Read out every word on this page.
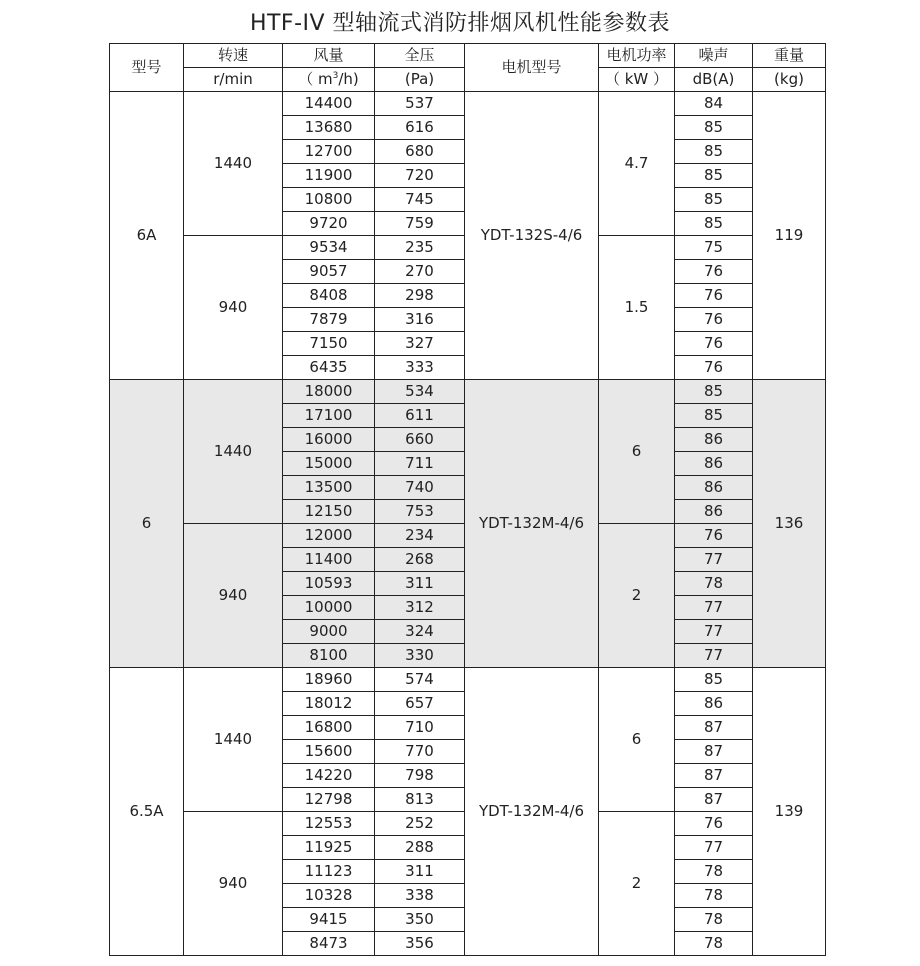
HTF-IV 型轴流式消防排烟风机性能参数表
型号	转速	风量	全压	电机型号	电机功率	噪声	重量
	r/min	（ $m^3/h$)	(Pa)		（ kW ）	dB(A)	(kg)
6A	1440	14400	537	YDT-132S-4/6	4.7	84	119
		13680	616			85	
		12700	680			85	
		11900	720			85	
		10800	745			85	
		9720	759			85	
	940	9534	235		1.5	75	
		9057	270			76	
		8408	298			76	
		7879	316			76	
		7150	327			76	
		6435	333			76	
6	1440	18000	534	YDT-132M-4/6	6	85	136
		17100	611			85	
		16000	660			86	
		15000	711			86	
		13500	740			86	
		12150	753			86	
	940	12000	234		2	76	
		11400	268			77	
		10593	311			78	
		10000	312			77	
		9000	324			77	
		8100	330			77	
6.5A	1440	18960	574	YDT-132M-4/6	6	85	139
		18012	657			86	
		16800	710			87	
		15600	770			87	
		14220	798			87	
		12798	813			87	
	940	12553	252		2	76	
		11925	288			77	
		11123	311			78	
		10328	338			78	
		9415	350			78	
		8473	356			78	
